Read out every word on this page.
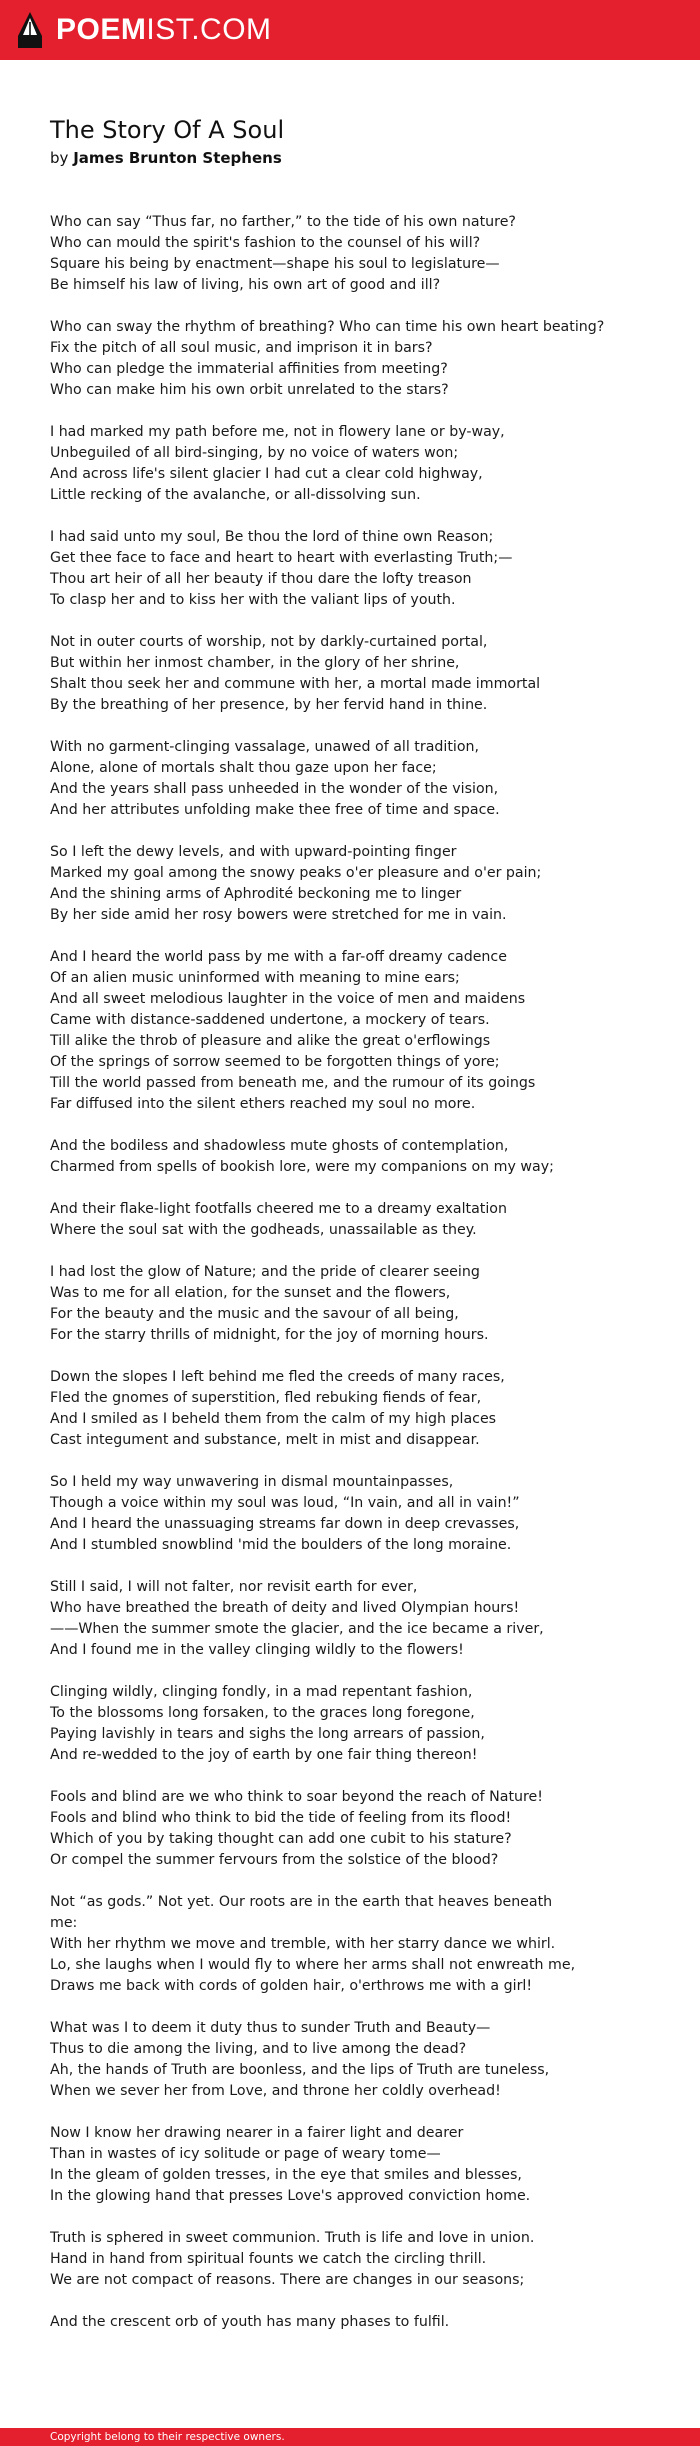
POEMIST.COM
The Story Of A Soul
by James Brunton Stephens
Who can say “Thus far, no farther,” to the tide of his own nature?
Who can mould the spirit's fashion to the counsel of his will?
Square his being by enactment—shape his soul to legislature—
Be himself his law of living, his own art of good and ill?
Who can sway the rhythm of breathing? Who can time his own heart beating?
Fix the pitch of all soul music, and imprison it in bars?
Who can pledge the immaterial affinities from meeting?
Who can make him his own orbit unrelated to the stars?
I had marked my path before me, not in flowery lane or by-way,
Unbeguiled of all bird-singing, by no voice of waters won;
And across life's silent glacier I had cut a clear cold highway,
Little recking of the avalanche, or all-dissolving sun.
I had said unto my soul, Be thou the lord of thine own Reason;
Get thee face to face and heart to heart with everlasting Truth;—
Thou art heir of all her beauty if thou dare the lofty treason
To clasp her and to kiss her with the valiant lips of youth.
Not in outer courts of worship, not by darkly-curtained portal,
But within her inmost chamber, in the glory of her shrine,
Shalt thou seek her and commune with her, a mortal made immortal
By the breathing of her presence, by her fervid hand in thine.
With no garment-clinging vassalage, unawed of all tradition,
Alone, alone of mortals shalt thou gaze upon her face;
And the years shall pass unheeded in the wonder of the vision,
And her attributes unfolding make thee free of time and space.
So I left the dewy levels, and with upward-pointing finger
Marked my goal among the snowy peaks o'er pleasure and o'er pain;
And the shining arms of Aphrodité beckoning me to linger
By her side amid her rosy bowers were stretched for me in vain.
And I heard the world pass by me with a far-off dreamy cadence
Of an alien music uninformed with meaning to mine ears;
And all sweet melodious laughter in the voice of men and maidens
Came with distance-saddened undertone, a mockery of tears.
Till alike the throb of pleasure and alike the great o'erflowings
Of the springs of sorrow seemed to be forgotten things of yore;
Till the world passed from beneath me, and the rumour of its goings
Far diffused into the silent ethers reached my soul no more.
And the bodiless and shadowless mute ghosts of contemplation,
Charmed from spells of bookish lore, were my companions on my way;
And their flake-light footfalls cheered me to a dreamy exaltation
Where the soul sat with the godheads, unassailable as they.
I had lost the glow of Nature; and the pride of clearer seeing
Was to me for all elation, for the sunset and the flowers,
For the beauty and the music and the savour of all being,
For the starry thrills of midnight, for the joy of morning hours.
Down the slopes I left behind me fled the creeds of many races,
Fled the gnomes of superstition, fled rebuking fiends of fear,
And I smiled as I beheld them from the calm of my high places
Cast integument and substance, melt in mist and disappear.
So I held my way unwavering in dismal mountainpasses,
Though a voice within my soul was loud, “In vain, and all in vain!”
And I heard the unassuaging streams far down in deep crevasses,
And I stumbled snowblind 'mid the boulders of the long moraine.
Still I said, I will not falter, nor revisit earth for ever,
Who have breathed the breath of deity and lived Olympian hours!
——When the summer smote the glacier, and the ice became a river,
And I found me in the valley clinging wildly to the flowers!
Clinging wildly, clinging fondly, in a mad repentant fashion,
To the blossoms long forsaken, to the graces long foregone,
Paying lavishly in tears and sighs the long arrears of passion,
And re-wedded to the joy of earth by one fair thing thereon!
Fools and blind are we who think to soar beyond the reach of Nature!
Fools and blind who think to bid the tide of feeling from its flood!
Which of you by taking thought can add one cubit to his stature?
Or compel the summer fervours from the solstice of the blood?
Not “as gods.” Not yet. Our roots are in the earth that heaves beneath
me:
With her rhythm we move and tremble, with her starry dance we whirl.
Lo, she laughs when I would fly to where her arms shall not enwreath me,
Draws me back with cords of golden hair, o'erthrows me with a girl!
What was I to deem it duty thus to sunder Truth and Beauty—
Thus to die among the living, and to live among the dead?
Ah, the hands of Truth are boonless, and the lips of Truth are tuneless,
When we sever her from Love, and throne her coldly overhead!
Now I know her drawing nearer in a fairer light and dearer
Than in wastes of icy solitude or page of weary tome—
In the gleam of golden tresses, in the eye that smiles and blesses,
In the glowing hand that presses Love's approved conviction home.
Truth is sphered in sweet communion. Truth is life and love in union.
Hand in hand from spiritual founts we catch the circling thrill.
We are not compact of reasons. There are changes in our seasons;
And the crescent orb of youth has many phases to fulfil.
Copyright belong to their respective owners.
